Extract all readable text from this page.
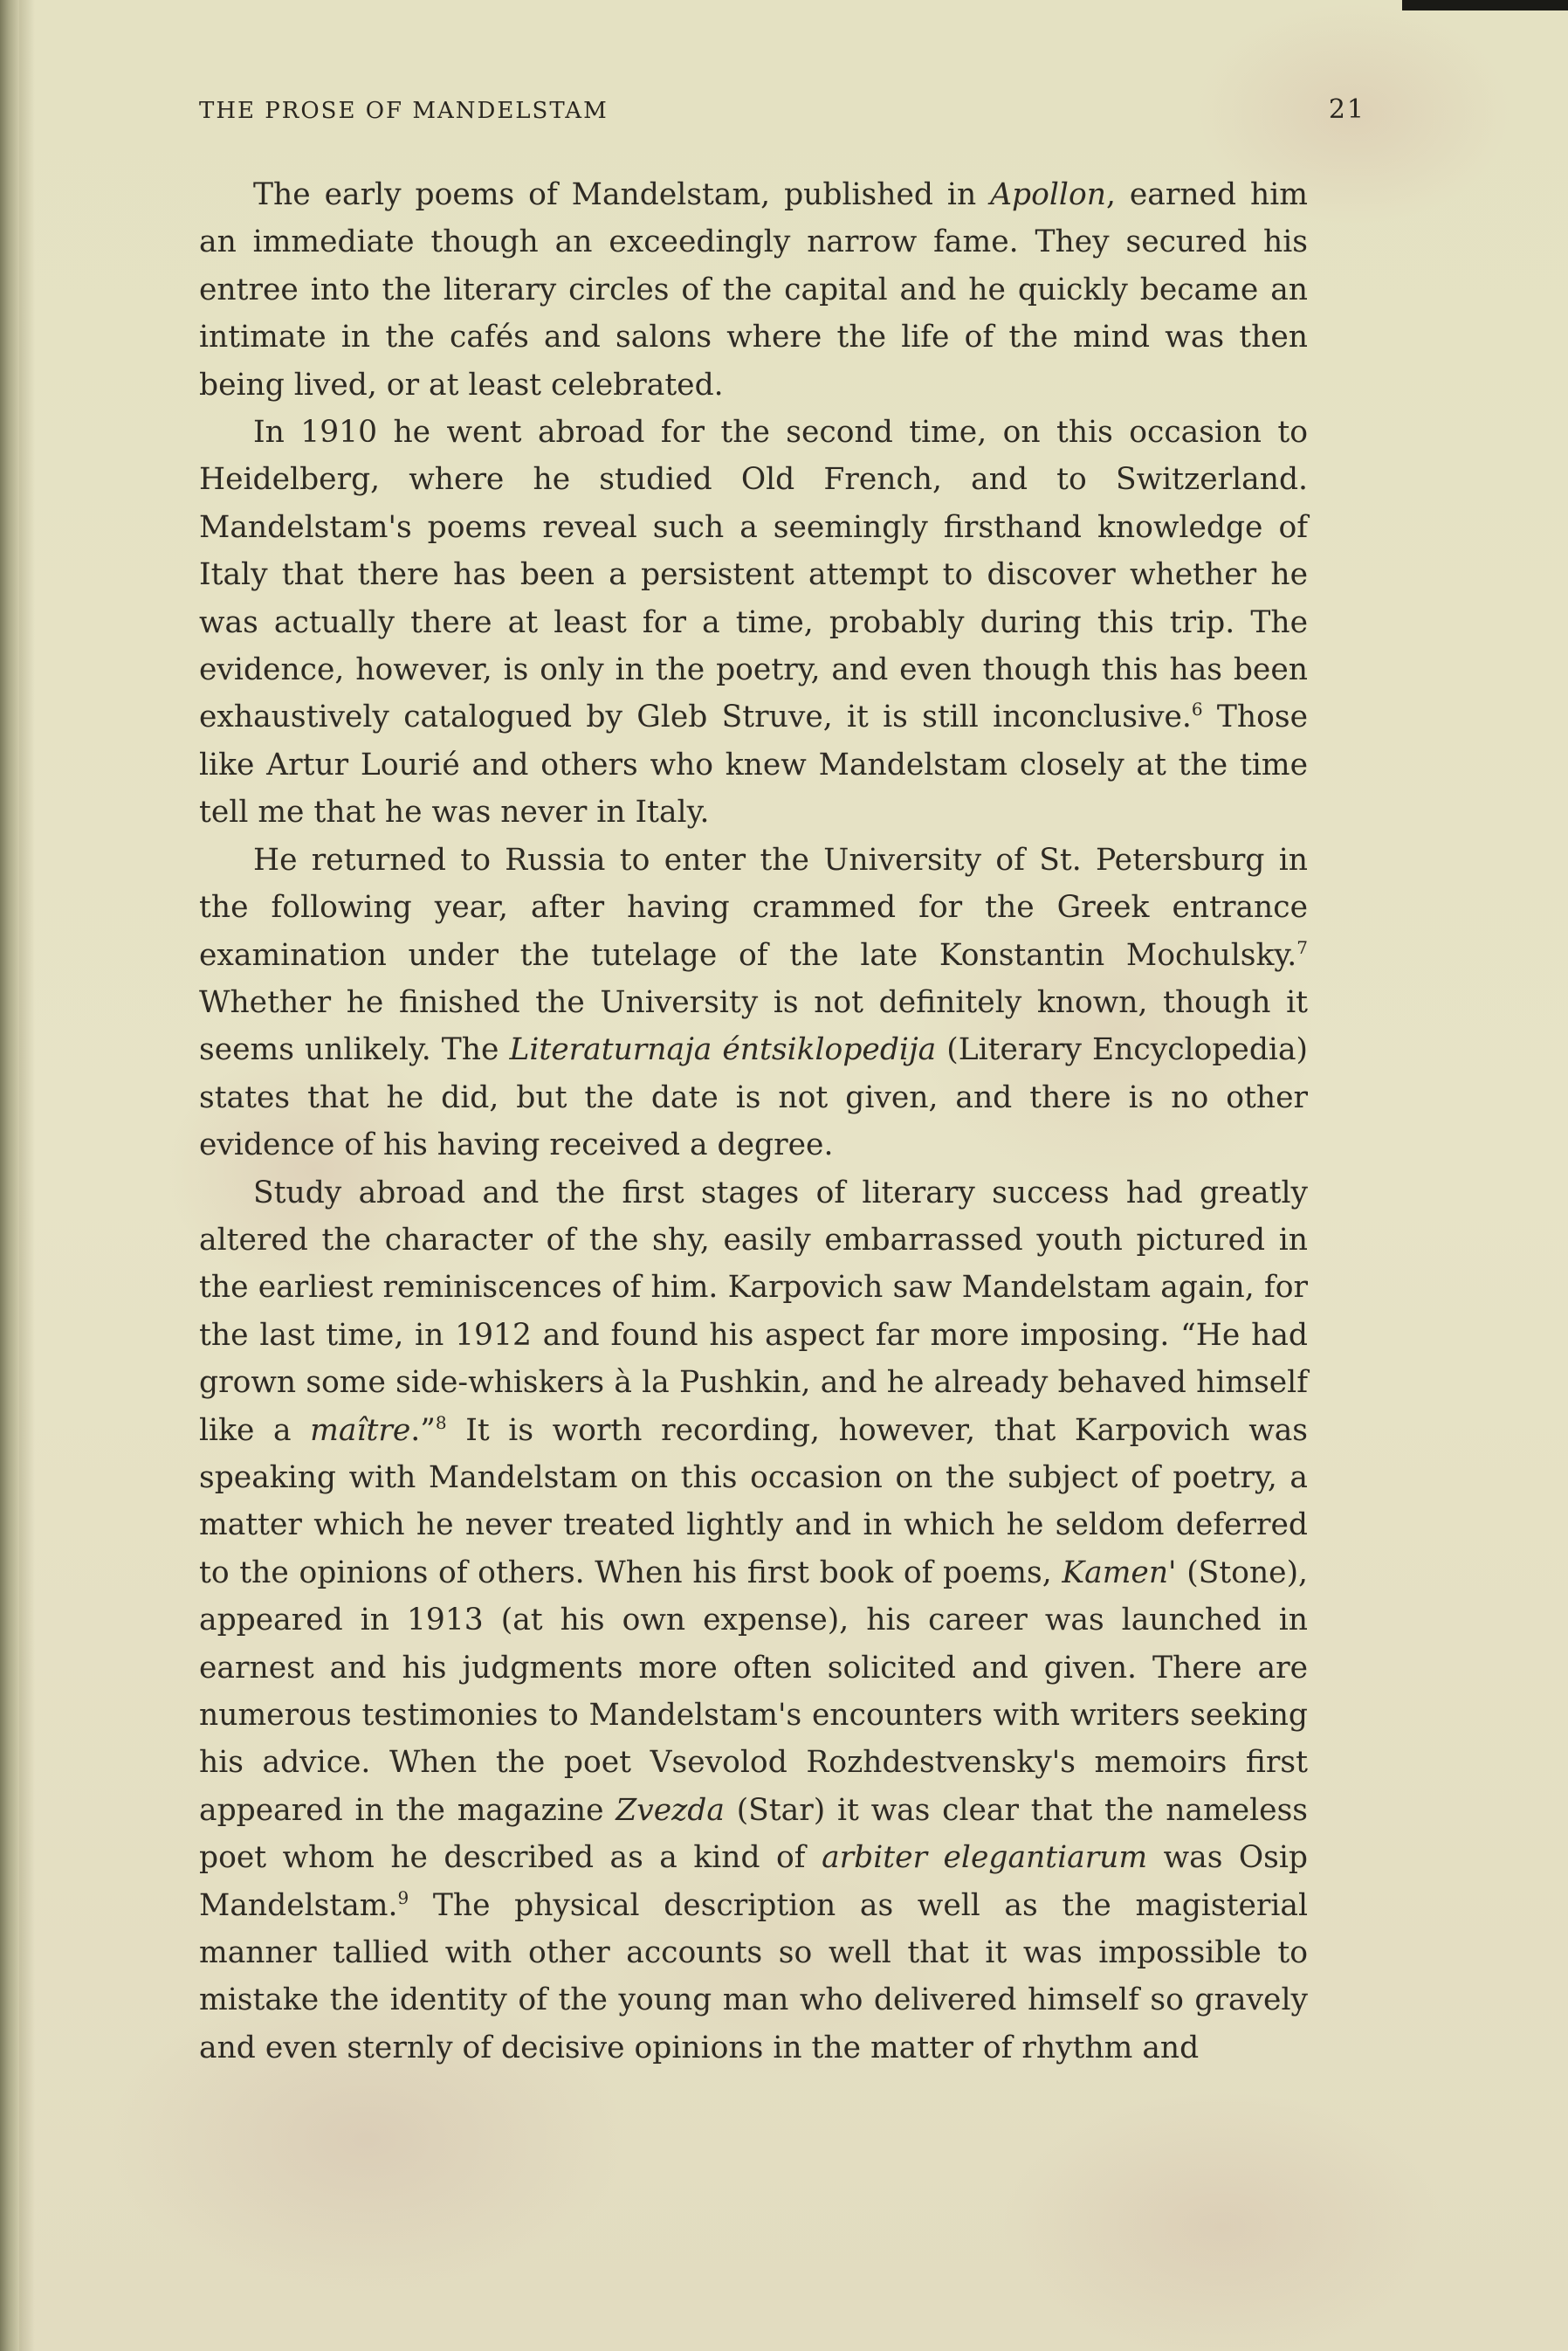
THE PROSE OF MANDELSTAM	21

The early poems of Mandelstam, published in Apollon, earned him an immediate though an exceedingly narrow fame. They secured his entree into the literary circles of the capital and he quickly became an intimate in the cafés and salons where the life of the mind was then being lived, or at least celebrated.

In 1910 he went abroad for the second time, on this occasion to Heidelberg, where he studied Old French, and to Switzerland. Mandelstam's poems reveal such a seemingly firsthand knowledge of Italy that there has been a persistent attempt to discover whether he was actually there at least for a time, probably during this trip. The evidence, however, is only in the poetry, and even though this has been exhaustively catalogued by Gleb Struve, it is still inconclusive.$^6$ Those like Artur Lourié and others who knew Mandelstam closely at the time tell me that he was never in Italy.

He returned to Russia to enter the University of St. Petersburg in the following year, after having crammed for the Greek entrance examination under the tutelage of the late Konstantin Mochulsky.$^7$ Whether he finished the University is not definitely known, though it seems unlikely. The Literaturnaja éntsiklopedija (Literary Encyclopedia) states that he did, but the date is not given, and there is no other evidence of his having received a degree.

Study abroad and the first stages of literary success had greatly altered the character of the shy, easily embarrassed youth pictured in the earliest reminiscences of him. Karpovich saw Mandelstam again, for the last time, in 1912 and found his aspect far more imposing. “He had grown some side-whiskers à la Pushkin, and he already behaved himself like a maître.”$^8$ It is worth recording, however, that Karpovich was speaking with Mandelstam on this occasion on the subject of poetry, a matter which he never treated lightly and in which he seldom deferred to the opinions of others. When his first book of poems, Kamen' (Stone), appeared in 1913 (at his own expense), his career was launched in earnest and his judgments more often solicited and given. There are numerous testimonies to Mandelstam's encounters with writers seeking his advice. When the poet Vsevolod Rozhdestvensky's memoirs first appeared in the magazine Zvezda (Star) it was clear that the nameless poet whom he described as a kind of arbiter elegantiarum was Osip Mandelstam.$^9$ The physical description as well as the magisterial manner tallied with other accounts so well that it was impossible to mistake the identity of the young man who delivered himself so gravely and even sternly of decisive opinions in the matter of rhythm and
